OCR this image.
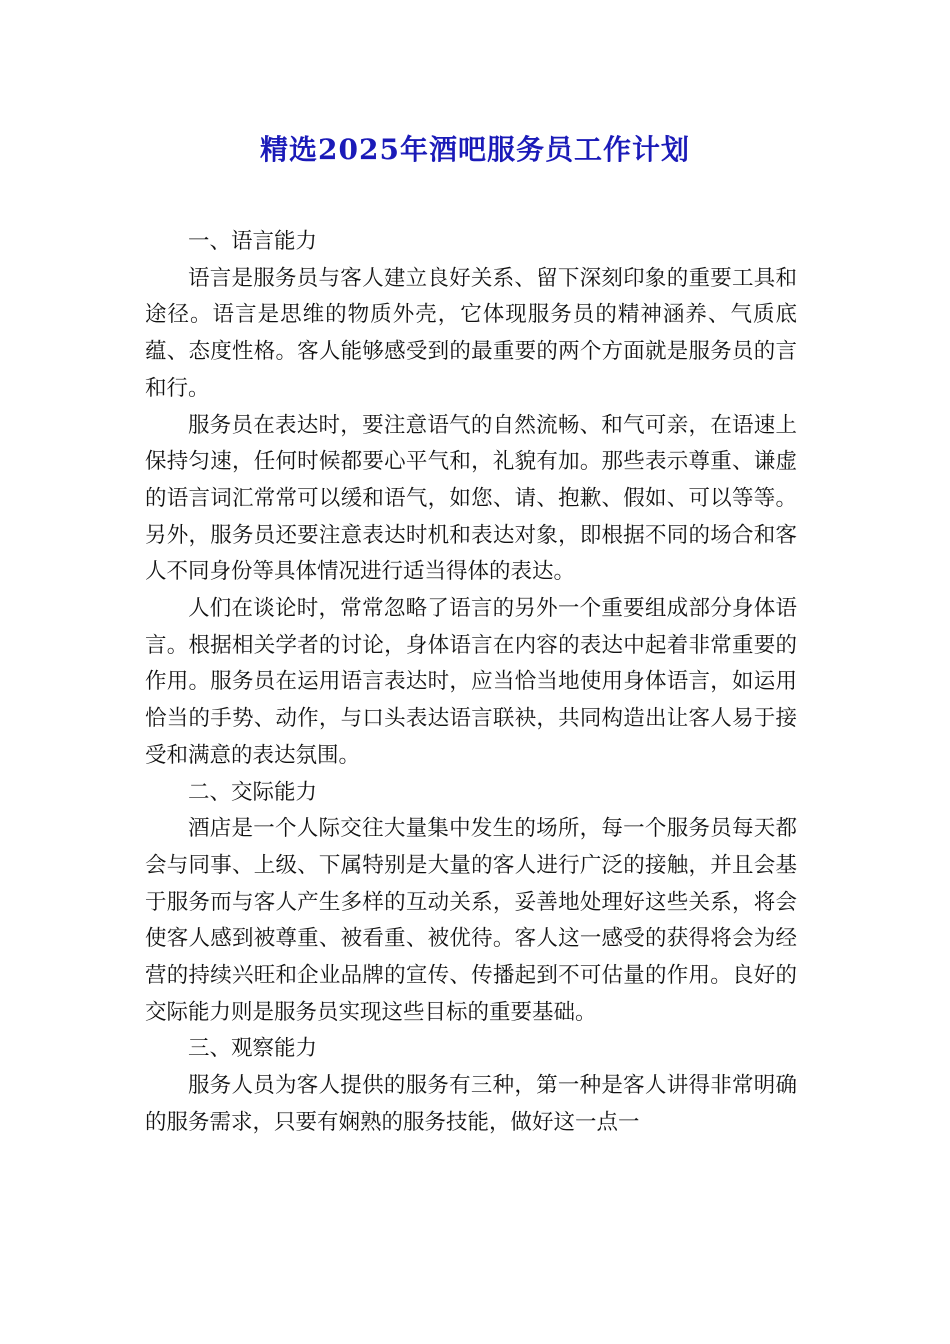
精选2025年酒吧服务员工作计划

一、语言能力

语言是服务员与客人建立良好关系、留下深刻印象的重要工具和途径。语言是思维的物质外壳，它体现服务员的精神涵养、气质底蕴、态度性格。客人能够感受到的最重要的两个方面就是服务员的言和行。

服务员在表达时，要注意语气的自然流畅、和气可亲，在语速上保持匀速，任何时候都要心平气和，礼貌有加。那些表示尊重、谦虚的语言词汇常常可以缓和语气，如您、请、抱歉、假如、可以等等。另外，服务员还要注意表达时机和表达对象，即根据不同的场合和客人不同身份等具体情况进行适当得体的表达。

人们在谈论时，常常忽略了语言的另外一个重要组成部分身体语言。根据相关学者的讨论，身体语言在内容的表达中起着非常重要的作用。服务员在运用语言表达时，应当恰当地使用身体语言，如运用恰当的手势、动作，与口头表达语言联袂，共同构造出让客人易于接受和满意的表达氛围。

二、交际能力

酒店是一个人际交往大量集中发生的场所，每一个服务员每天都会与同事、上级、下属特别是大量的客人进行广泛的接触，并且会基于服务而与客人产生多样的互动关系，妥善地处理好这些关系，将会使客人感到被尊重、被看重、被优待。客人这一感受的获得将会为经营的持续兴旺和企业品牌的宣传、传播起到不可估量的作用。良好的交际能力则是服务员实现这些目标的重要基础。

三、观察能力

服务人员为客人提供的服务有三种，第一种是客人讲得非常明确的服务需求，只要有娴熟的服务技能，做好这一点一
